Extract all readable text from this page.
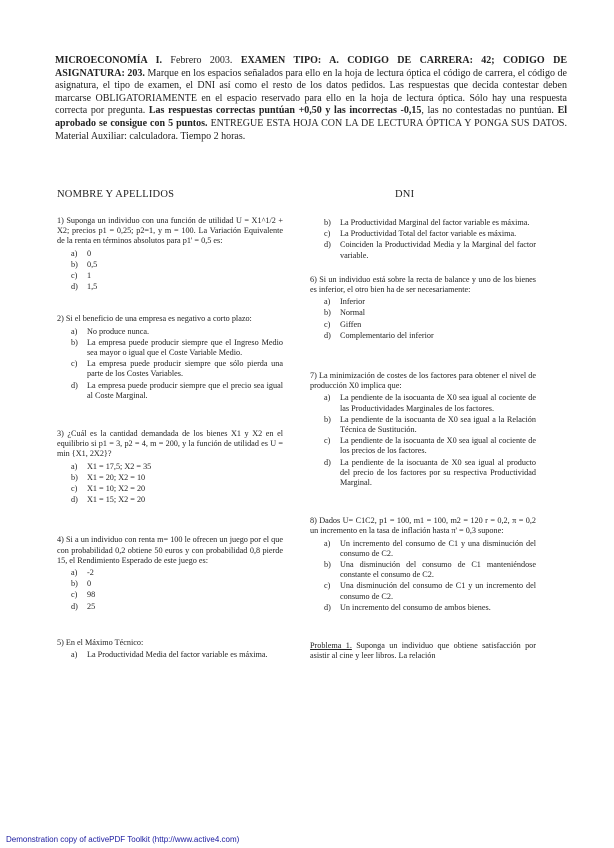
MICROECONOMÍA I. Febrero 2003. EXAMEN TIPO: A. CODIGO DE CARRERA: 42; CODIGO DE ASIGNATURA: 203. Marque en los espacios señalados para ello en la hoja de lectura óptica el código de carrera, el código de asignatura, el tipo de examen, el DNI así como el resto de los datos pedidos. Las respuestas que decida contestar deben marcarse OBLIGATORIAMENTE en el espacio reservado para ello en la hoja de lectura óptica. Sólo hay una respuesta correcta por pregunta. Las respuestas correctas puntúan +0,50 y las incorrectas -0,15, las no contestadas no puntúan. El aprobado se consigue con 5 puntos. ENTREGUE ESTA HOJA CON LA DE LECTURA ÓPTICA Y PONGA SUS DATOS. Material Auxiliar: calculadora. Tiempo 2 horas.
NOMBRE Y APELLIDOS	DNI
1) Suponga un individuo con una función de utilidad U = X1^1/2 + X2; precios p1 = 0,25; p2=1, y m = 100. La Variación Equivalente de la renta en términos absolutos para p1' = 0,5 es:
a) 0
b) 0,5
c) 1
d) 1,5
2) Si el beneficio de una empresa es negativo a corto plazo:
a) No produce nunca.
b) La empresa puede producir siempre que el Ingreso Medio sea mayor o igual que el Coste Variable Medio.
c) La empresa puede producir siempre que sólo pierda una parte de los Costes Variables.
d) La empresa puede producir siempre que el precio sea igual al Coste Marginal.
3) ¿Cuál es la cantidad demandada de los bienes X1 y X2 en el equilibrio si p1 = 3, p2 = 4, m = 200, y la función de utilidad es U = min {X1, 2X2}?
a) X1 = 17,5; X2 = 35
b) X1 = 20; X2 = 10
c) X1 = 10; X2 = 20
d) X1 = 15; X2 = 20
4) Si a un individuo con renta m= 100 le ofrecen un juego por el que con probabilidad 0,2 obtiene 50 euros y con probabilidad 0,8 pierde 15, el Rendimiento Esperado de este juego es:
a) -2
b) 0
c) 98
d) 25
5) En el Máximo Técnico:
a) La Productividad Media del factor variable es máxima.
b) La Productividad Marginal del factor variable es máxima.
c) La Productividad Total del factor variable es máxima.
d) Coinciden la Productividad Media y la Marginal del factor variable.
6) Si un individuo está sobre la recta de balance y uno de los bienes es inferior, el otro bien ha de ser necesariamente:
a) Inferior
b) Normal
c) Giffen
d) Complementario del inferior
7) La minimización de costes de los factores para obtener el nivel de producción X0 implica que:
a) La pendiente de la isocuanta de X0 sea igual al cociente de las Productividades Marginales de los factores.
b) La pendiente de la isocuanta de X0 sea igual a la Relación Técnica de Sustitución.
c) La pendiente de la isocuanta de X0 sea igual al cociente de los precios de los factores.
d) La pendiente de la isocuanta de X0 sea igual al producto del precio de los factores por su respectiva Productividad Marginal.
8) Dados U= C1C2, p1 = 100, m1 = 100, m2 = 120 r = 0,2, π = 0,2 un incremento en la tasa de inflación hasta π' = 0,3 supone:
a) Un incremento del consumo de C1 y una disminución del consumo de C2.
b) Una disminución del consumo de C1 manteniéndose constante el consumo de C2.
c) Una disminución del consumo de C1 y un incremento del consumo de C2.
d) Un incremento del consumo de ambos bienes.
Problema 1. Suponga un individuo que obtiene satisfacción por asistir al cine y leer libros. La relación
Demonstration copy of activePDF Toolkit (http://www.active4.com)
